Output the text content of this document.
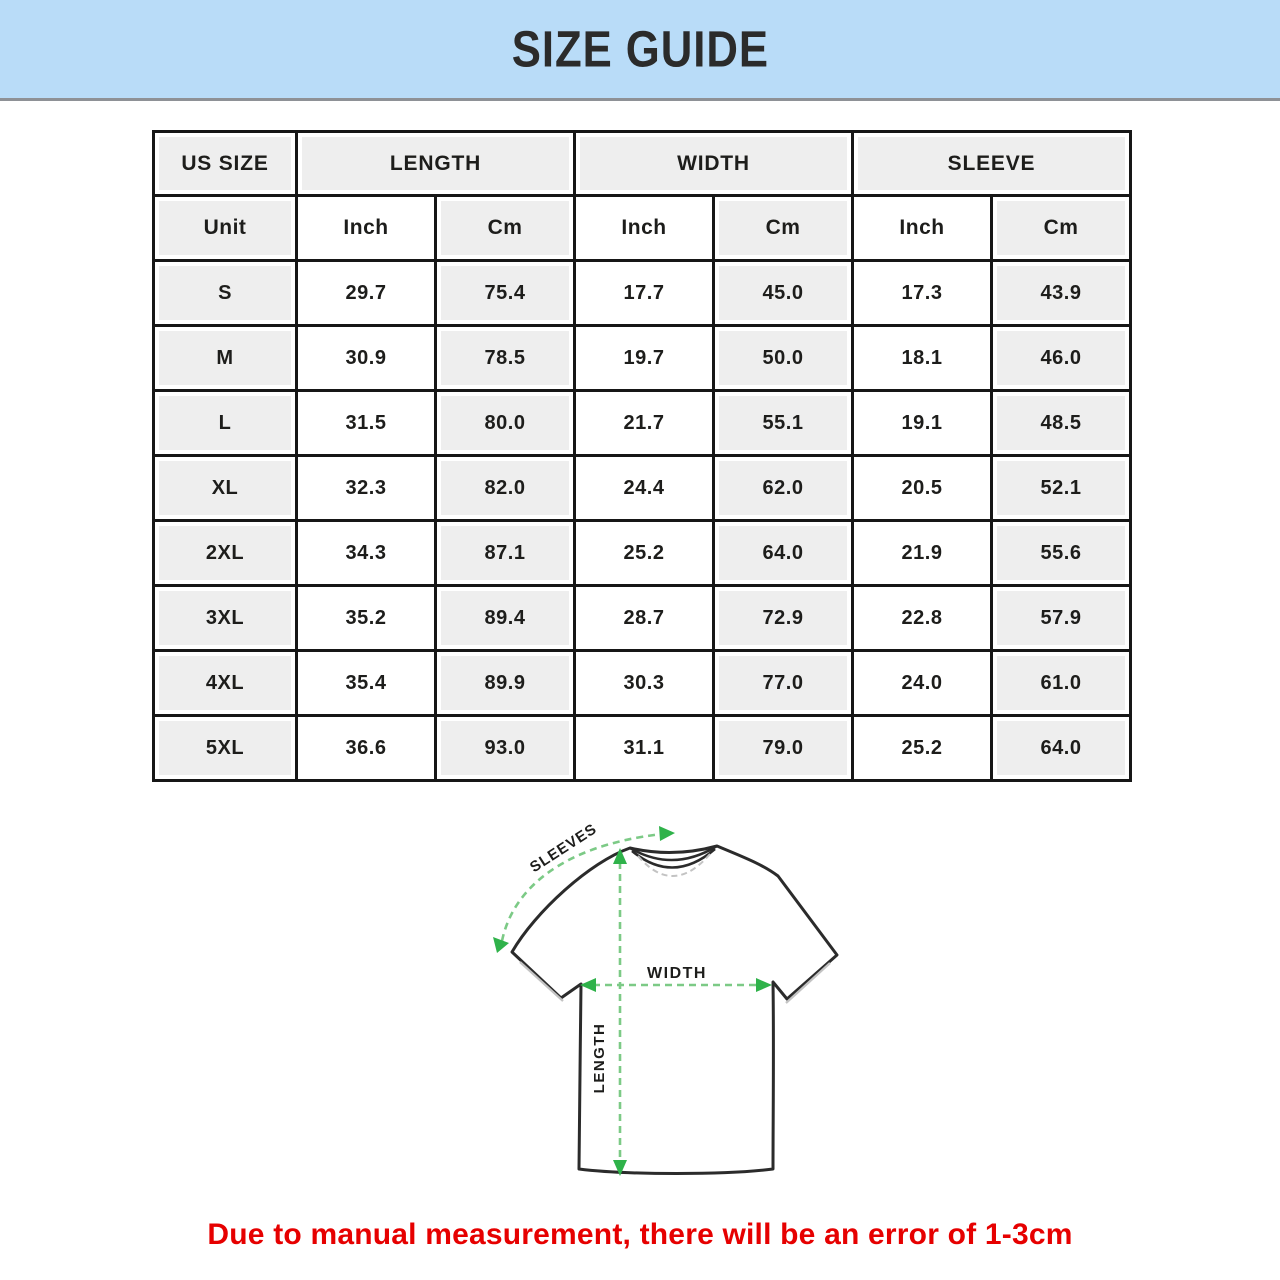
SIZE GUIDE
US SIZE	LENGTH		WIDTH		SLEEVE	
Unit	Inch	Cm	Inch	Cm	Inch	Cm
S	29.7	75.4	17.7	45.0	17.3	43.9
M	30.9	78.5	19.7	50.0	18.1	46.0
L	31.5	80.0	21.7	55.1	19.1	48.5
XL	32.3	82.0	24.4	62.0	20.5	52.1
2XL	34.3	87.1	25.2	64.0	21.9	55.6
3XL	35.2	89.4	28.7	72.9	22.8	57.9
4XL	35.4	89.9	30.3	77.0	24.0	61.0
5XL	36.6	93.0	31.1	79.0	25.2	64.0
WIDTH
LENGTH
SLEEVES
Due to manual measurement, there will be an error of 1-3cm
